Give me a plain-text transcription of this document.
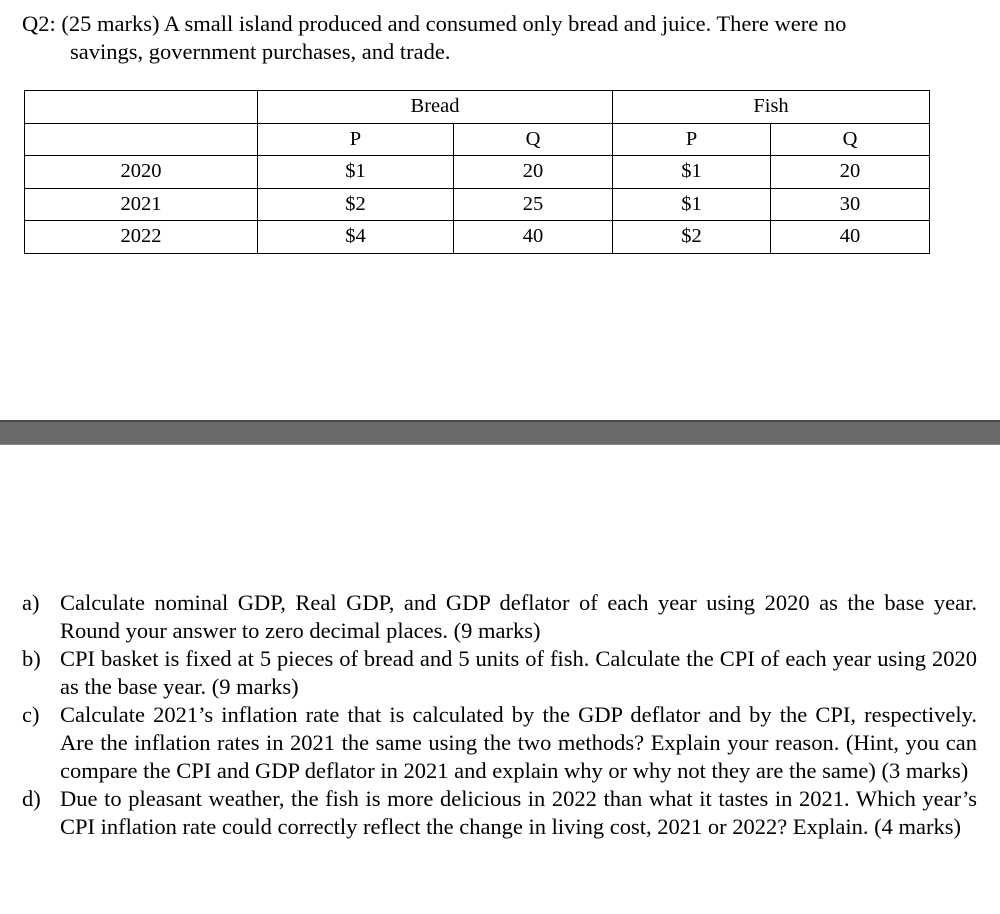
Q2: (25 marks) A small island produced and consumed only bread and juice. There were no
savings, government purchases, and trade.
	Bread		Fish	
	P	Q	P	Q
2020	$1	20	$1	20
2021	$2	25	$1	30
2022	$4	40	$2	40
a) Calculate nominal GDP, Real GDP, and GDP deflator of each year using 2020 as the base year. Round your answer to zero decimal places. (9 marks)
b) CPI basket is fixed at 5 pieces of bread and 5 units of fish. Calculate the CPI of each year using 2020 as the base year. (9 marks)
c) Calculate 2021’s inflation rate that is calculated by the GDP deflator and by the CPI, respectively. Are the inflation rates in 2021 the same using the two methods? Explain your reason. (Hint, you can compare the CPI and GDP deflator in 2021 and explain why or why not they are the same) (3 marks)
d) Due to pleasant weather, the fish is more delicious in 2022 than what it tastes in 2021. Which year’s CPI inflation rate could correctly reflect the change in living cost, 2021 or 2022? Explain. (4 marks)
